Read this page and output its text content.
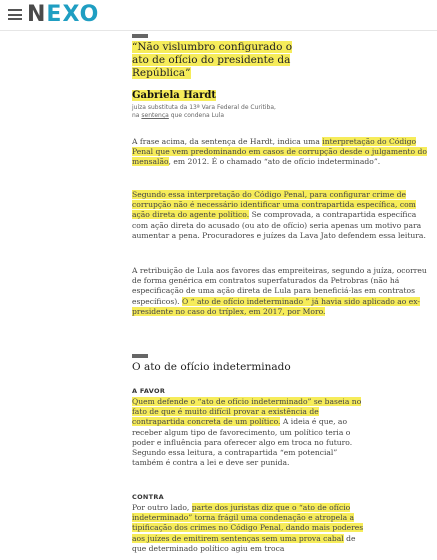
NEXO

“Não vislumbro configurado o ato de ofício do presidente da República”

Gabriela Hardt
juíza substituta da 13ª Vara Federal de Curitiba,
na sentença que condena Lula

A frase acima, da sentença de Hardt, indica uma interpretação do Código Penal que vem predominando em casos de corrupção desde o julgamento do mensalão, em 2012. É o chamado “ato de ofício indeterminado”.

Segundo essa interpretação do Código Penal, para configurar crime de corrupção não é necessário identificar uma contrapartida específica, com ação direta do agente político. Se comprovada, a contrapartida específica com ação direta do acusado (ou ato de ofício) seria apenas um motivo para aumentar a pena. Procuradores e juízes da Lava Jato defendem essa leitura.

A retribuição de Lula aos favores das empreiteiras, segundo a juíza, ocorreu de forma genérica em contratos superfaturados da Petrobras (não há especificação de uma ação direta de Lula para beneficiá-las em contratos específicos). O “ ato de ofício indeterminado ” já havia sido aplicado ao ex-presidente no caso do tríplex, em 2017, por Moro.

O ato de ofício indeterminado
A FAVOR

Quem defende o “ato de ofício indeterminado” se baseia no fato de que é muito difícil provar a existência de contrapartida concreta de um político. A ideia é que, ao receber algum tipo de favorecimento, um político teria o poder e influência para oferecer algo em troca no futuro. Segundo essa leitura, a contrapartida “em potencial” também é contra a lei e deve ser punida.

CONTRA

Por outro lado, parte dos juristas diz que o “ato de ofício indeterminado” torna frágil uma condenação e atropela a tipificação dos crimes no Código Penal, dando mais poderes aos juízes de emitirem sentenças sem uma prova cabal de que determinado político agiu em troca
